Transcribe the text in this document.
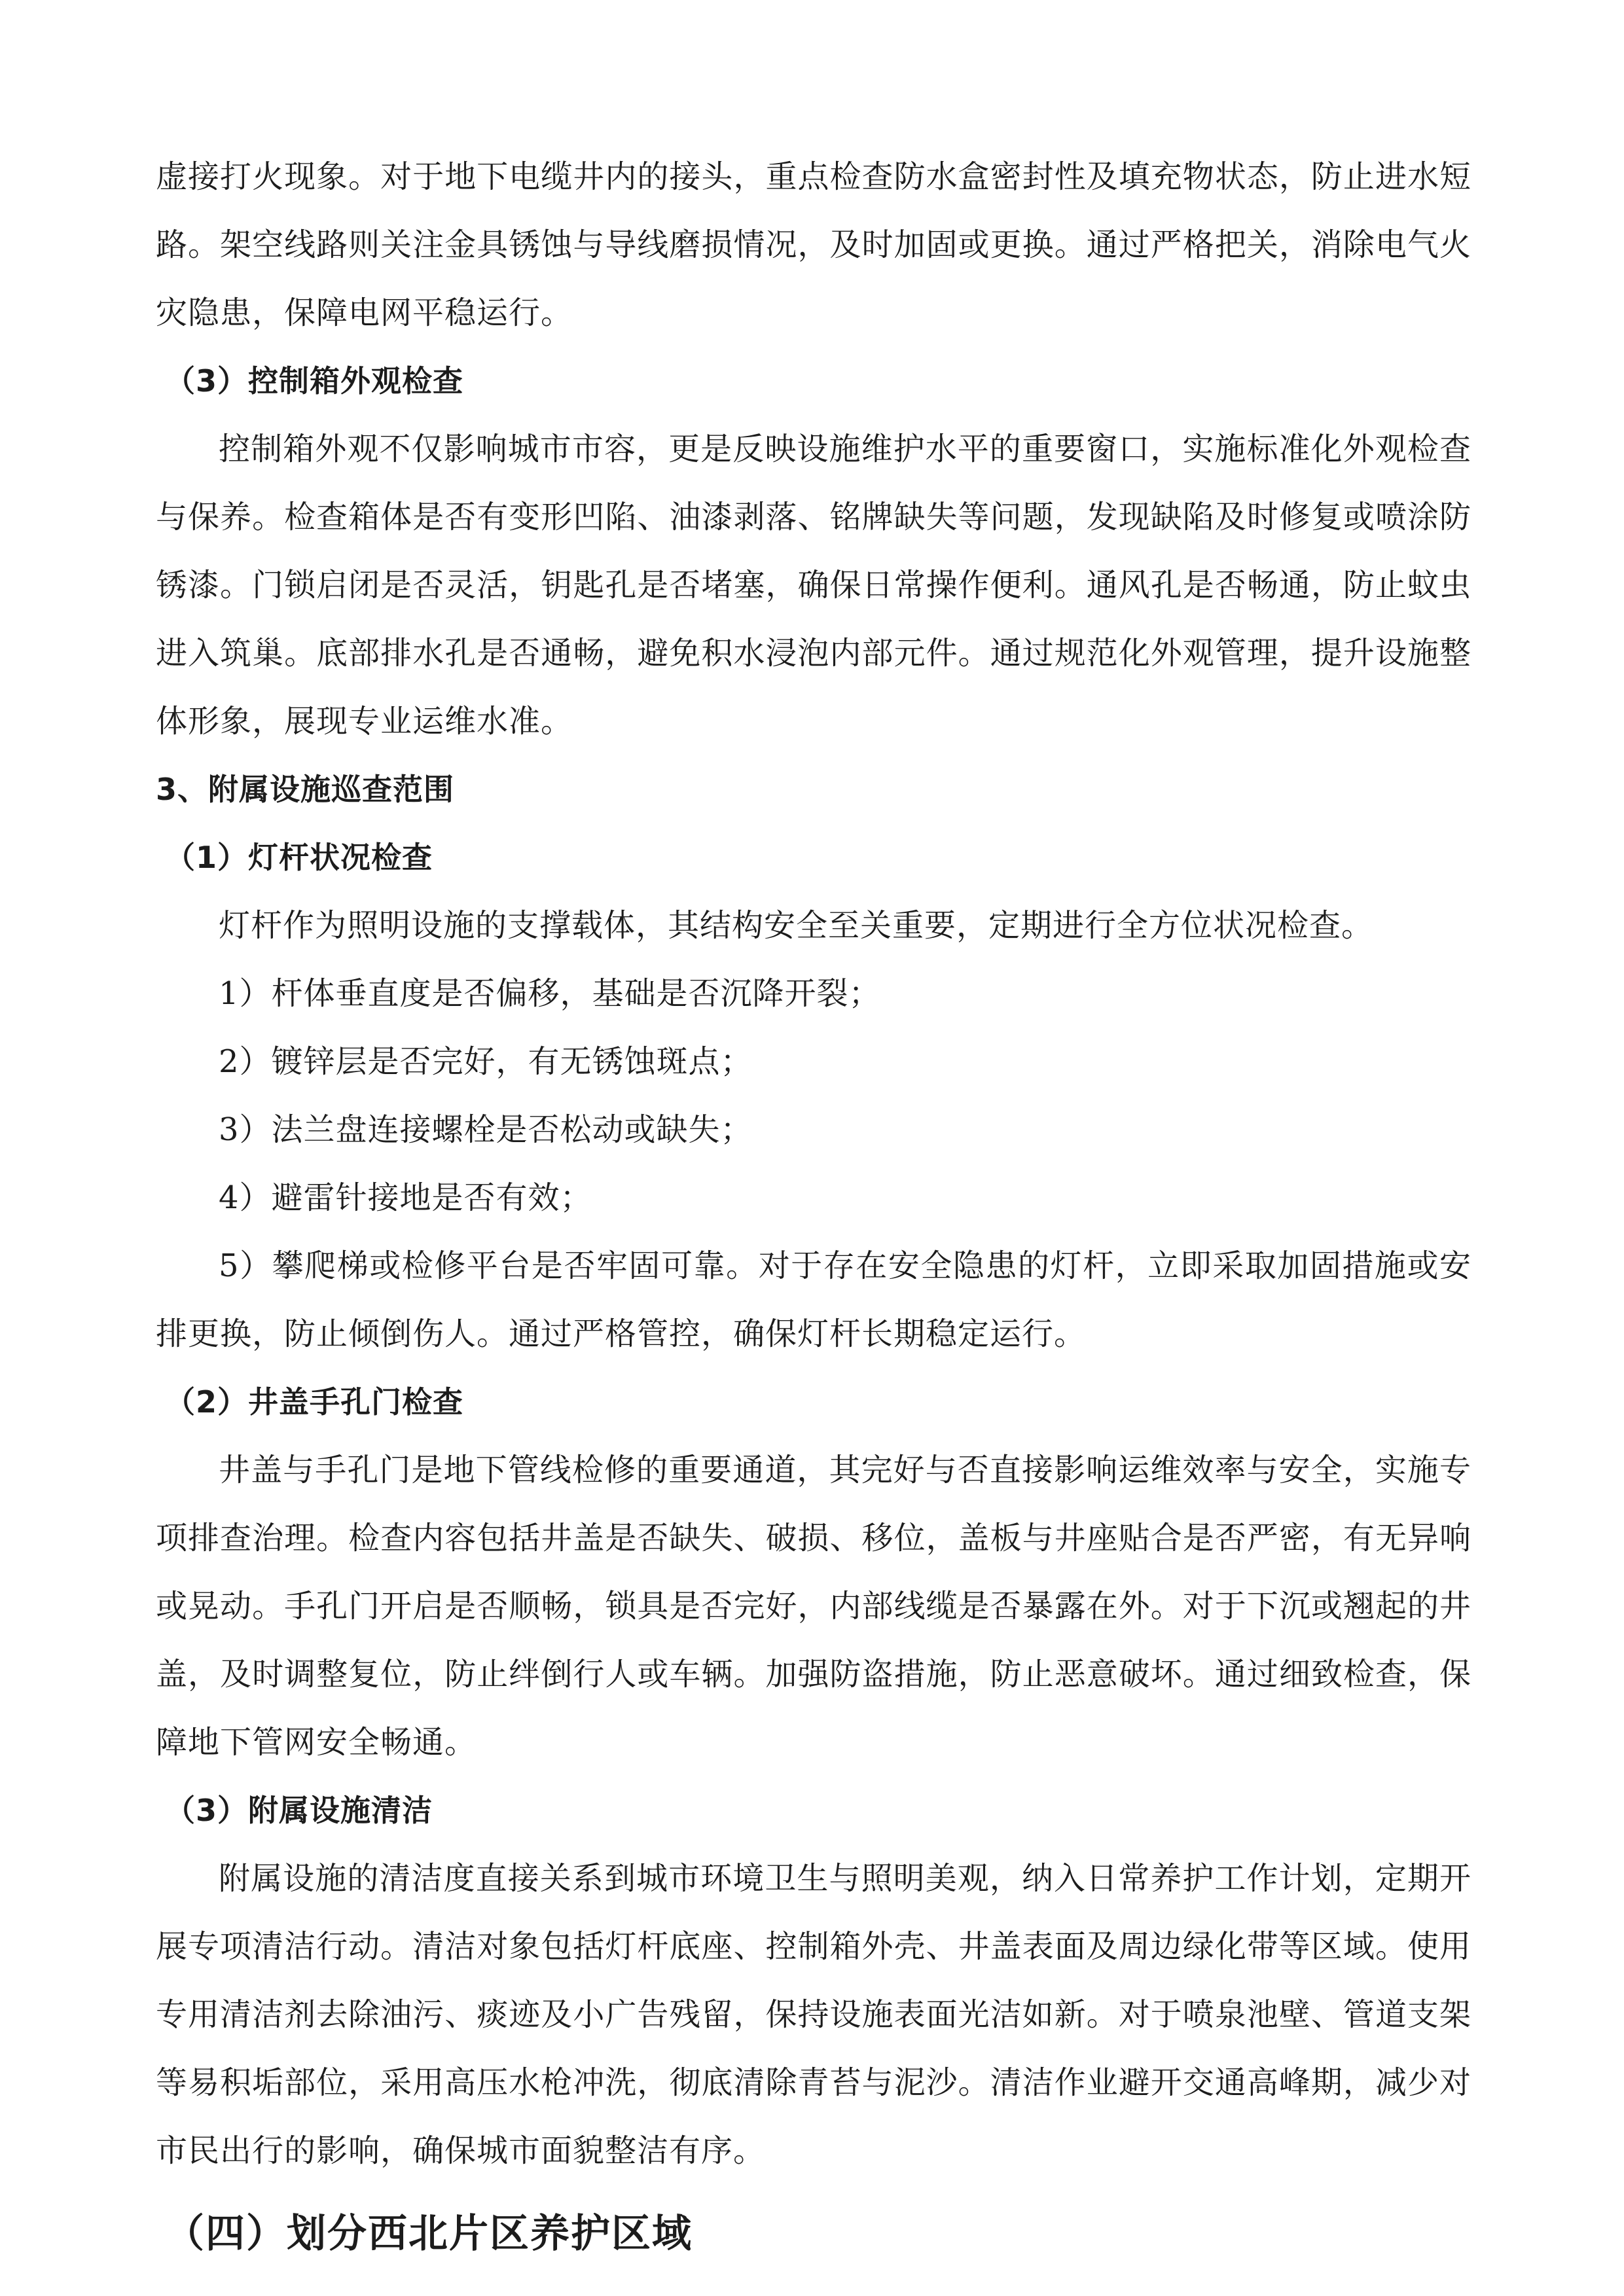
虚接打火现象。对于地下电缆井内的接头，重点检查防水盒密封性及填充物状态，防止进水短路。架空线路则关注金具锈蚀与导线磨损情况，及时加固或更换。通过严格把关，消除电气火灾隐患，保障电网平稳运行。

（3）控制箱外观检查

控制箱外观不仅影响城市市容，更是反映设施维护水平的重要窗口，实施标准化外观检查与保养。检查箱体是否有变形凹陷、油漆剥落、铭牌缺失等问题，发现缺陷及时修复或喷涂防锈漆。门锁启闭是否灵活，钥匙孔是否堵塞，确保日常操作便利。通风孔是否畅通，防止蚊虫进入筑巢。底部排水孔是否通畅，避免积水浸泡内部元件。通过规范化外观管理，提升设施整体形象，展现专业运维水准。

3、附属设施巡查范围

（1）灯杆状况检查

灯杆作为照明设施的支撑载体，其结构安全至关重要，定期进行全方位状况检查。

1）杆体垂直度是否偏移，基础是否沉降开裂；

2）镀锌层是否完好，有无锈蚀斑点；

3）法兰盘连接螺栓是否松动或缺失；

4）避雷针接地是否有效；

5）攀爬梯或检修平台是否牢固可靠。对于存在安全隐患的灯杆，立即采取加固措施或安排更换，防止倾倒伤人。通过严格管控，确保灯杆长期稳定运行。

（2）井盖手孔门检查

井盖与手孔门是地下管线检修的重要通道，其完好与否直接影响运维效率与安全，实施专项排查治理。检查内容包括井盖是否缺失、破损、移位，盖板与井座贴合是否严密，有无异响或晃动。手孔门开启是否顺畅，锁具是否完好，内部线缆是否暴露在外。对于下沉或翘起的井盖，及时调整复位，防止绊倒行人或车辆。加强防盗措施，防止恶意破坏。通过细致检查，保障地下管网安全畅通。

（3）附属设施清洁

附属设施的清洁度直接关系到城市环境卫生与照明美观，纳入日常养护工作计划，定期开展专项清洁行动。清洁对象包括灯杆底座、控制箱外壳、井盖表面及周边绿化带等区域。使用专用清洁剂去除油污、痰迹及小广告残留，保持设施表面光洁如新。对于喷泉池壁、管道支架等易积垢部位，采用高压水枪冲洗，彻底清除青苔与泥沙。清洁作业避开交通高峰期，减少对市民出行的影响，确保城市面貌整洁有序。

（四）划分西北片区养护区域
